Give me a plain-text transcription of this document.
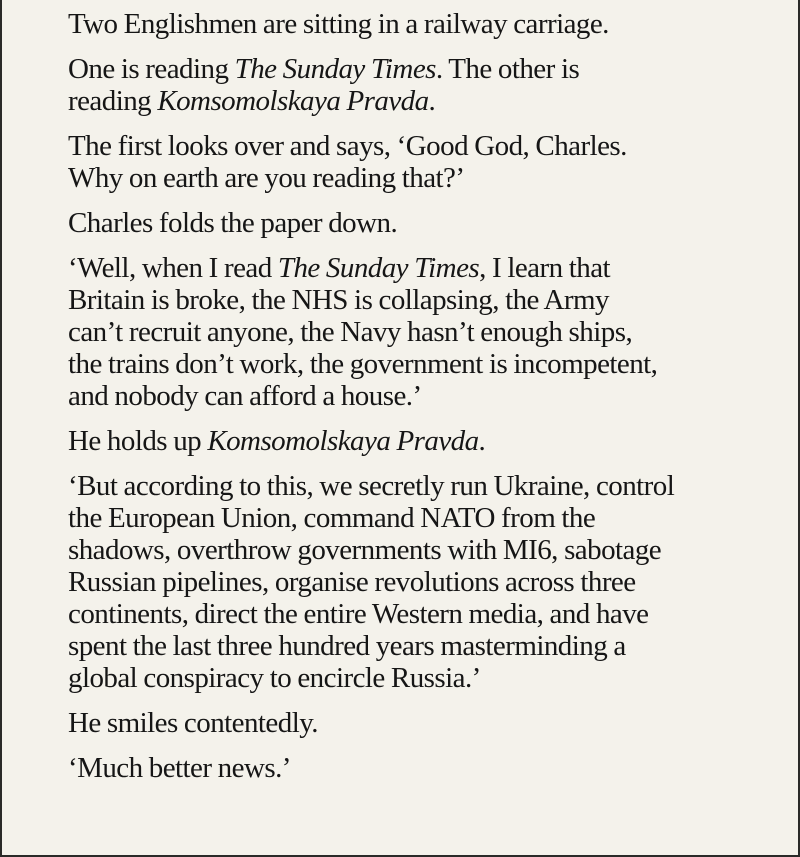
Two Englishmen are sitting in a railway carriage.

One is reading The Sunday Times. The other is
reading Komsomolskaya Pravda.

The first looks over and says, ‘Good God, Charles.
Why on earth are you reading that?’

Charles folds the paper down.

‘Well, when I read The Sunday Times, I learn that
Britain is broke, the NHS is collapsing, the Army
can’t recruit anyone, the Navy hasn’t enough ships,
the trains don’t work, the government is incompetent,
and nobody can afford a house.’

He holds up Komsomolskaya Pravda.

‘But according to this, we secretly run Ukraine, control
the European Union, command NATO from the
shadows, overthrow governments with MI6, sabotage
Russian pipelines, organise revolutions across three
continents, direct the entire Western media, and have
spent the last three hundred years masterminding a
global conspiracy to encircle Russia.’

He smiles contentedly.

‘Much better news.’
